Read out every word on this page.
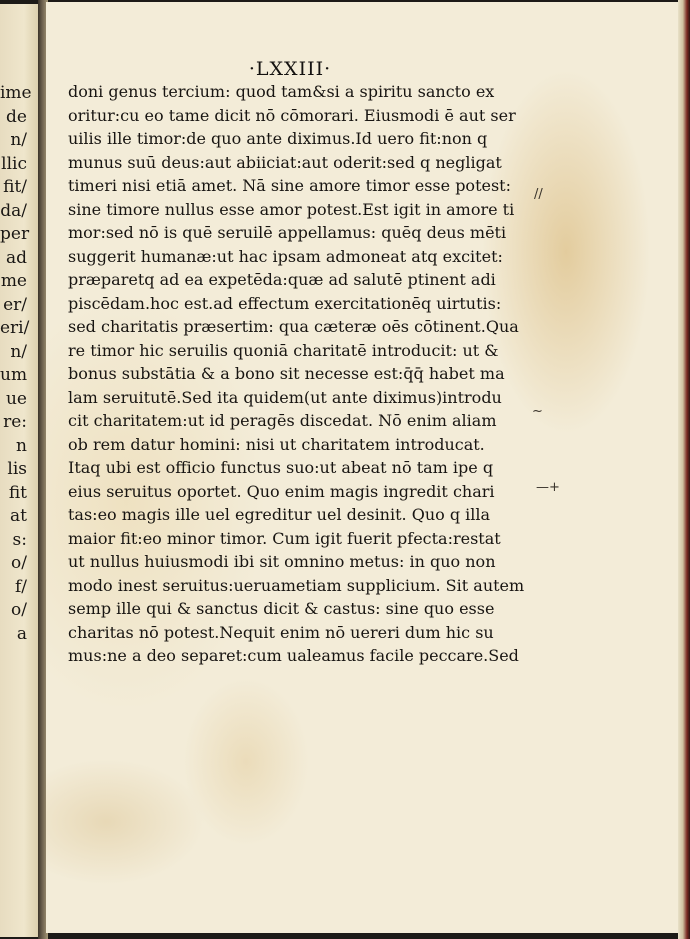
ime
de
n/
llic
fit/
da/
per
ad
me
er/
eri/
n/
um
ue
re:
n
lis
fit
at
s:
o/
f/
o/
a
·LXXIII·
doni genus tercium: quod tam&si a spiritu sancto ex
oritur:cu eo tame dicit nō cōmorari. Eiusmodi ē aut ser
uilis ille timor:de quo ante diximus.Id uero fit:non q
munus suū deus:aut abiiciat:aut oderit:sed q negligat
timeri nisi etiā amet. Nā sine amore timor esse potest:
sine timore nullus esse amor potest.Est igit in amore ti
mor:sed nō is quē seruilē appellamus: quēq deus mēti
suggerit humanæ:ut hac ipsam admoneat atq excitet:
præparetq ad ea expetēda:quæ ad salutē ptinent adi
piscēdam.hoc est.ad effectum exercitationēq uirtutis:
sed charitatis præsertim: qua cæteræ oēs cōtinent.Qua
re timor hic seruilis quoniā charitatē introducit: ut &
bonus substātia & a bono sit necesse est:q̄q̄ habet ma
lam seruitutē.Sed ita quidem(ut ante diximus)introdu
cit charitatem:ut id peragēs discedat. Nō enim aliam
ob rem datur homini: nisi ut charitatem introducat.
Itaq ubi est officio functus suo:ut abeat nō tam ipe q
eius seruitus oportet. Quo enim magis ingredit chari
tas:eo magis ille uel egreditur uel desinit. Quo q illa
maior fit:eo minor timor. Cum igit fuerit pfecta:restat
ut nullus huiusmodi ibi sit omnino metus: in quo non
modo inest seruitus:ueruametiam supplicium. Sit autem
semp ille qui & sanctus dicit & castus: sine quo esse
charitas nō potest.Nequit enim nō uereri dum hic su
mus:ne a deo separet:cum ualeamus facile peccare.Sed
//
~
—+
